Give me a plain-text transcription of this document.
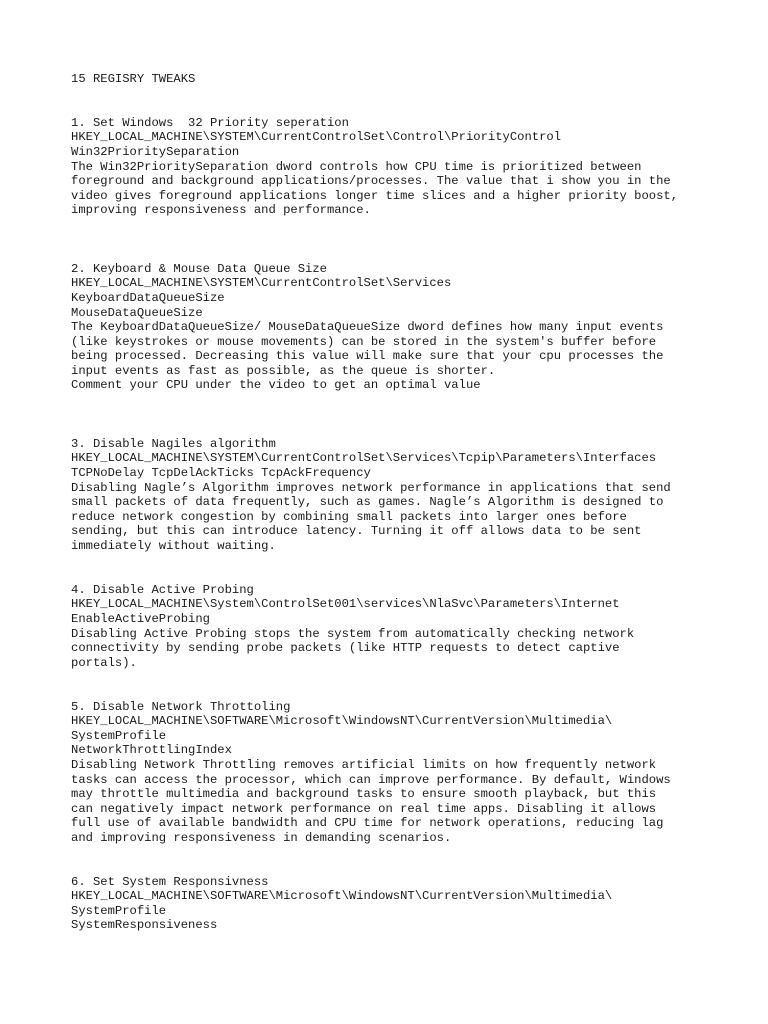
15 REGISRY TWEAKS
1. Set Windows  32 Priority seperation
HKEY_LOCAL_MACHINE\SYSTEM\CurrentControlSet\Control\PriorityControl
Win32PrioritySeparation
The Win32PrioritySeparation dword controls how CPU time is prioritized between
foreground and background applications/processes. The value that i show you in the
video gives foreground applications longer time slices and a higher priority boost,
improving responsiveness and performance.
2. Keyboard & Mouse Data Queue Size
HKEY_LOCAL_MACHINE\SYSTEM\CurrentControlSet\Services
KeyboardDataQueueSize
MouseDataQueueSize
The KeyboardDataQueueSize/ MouseDataQueueSize dword defines how many input events
(like keystrokes or mouse movements) can be stored in the system's buffer before
being processed. Decreasing this value will make sure that your cpu processes the
input events as fast as possible, as the queue is shorter.
Comment your CPU under the video to get an optimal value
3. Disable Nagiles algorithm
HKEY_LOCAL_MACHINE\SYSTEM\CurrentControlSet\Services\Tcpip\Parameters\Interfaces
TCPNoDelay TcpDelAckTicks TcpAckFrequency
Disabling Nagle’s Algorithm improves network performance in applications that send
small packets of data frequently, such as games. Nagle’s Algorithm is designed to
reduce network congestion by combining small packets into larger ones before
sending, but this can introduce latency. Turning it off allows data to be sent
immediately without waiting.
4. Disable Active Probing
HKEY_LOCAL_MACHINE\System\ControlSet001\services\NlaSvc\Parameters\Internet
EnableActiveProbing
Disabling Active Probing stops the system from automatically checking network
connectivity by sending probe packets (like HTTP requests to detect captive
portals).
5. Disable Network Throttoling
HKEY_LOCAL_MACHINE\SOFTWARE\Microsoft\WindowsNT\CurrentVersion\Multimedia\
SystemProfile
NetworkThrottlingIndex
Disabling Network Throttling removes artificial limits on how frequently network
tasks can access the processor, which can improve performance. By default, Windows
may throttle multimedia and background tasks to ensure smooth playback, but this
can negatively impact network performance on real time apps. Disabling it allows
full use of available bandwidth and CPU time for network operations, reducing lag
and improving responsiveness in demanding scenarios.
6. Set System Responsivness
HKEY_LOCAL_MACHINE\SOFTWARE\Microsoft\WindowsNT\CurrentVersion\Multimedia\
SystemProfile
SystemResponsiveness
